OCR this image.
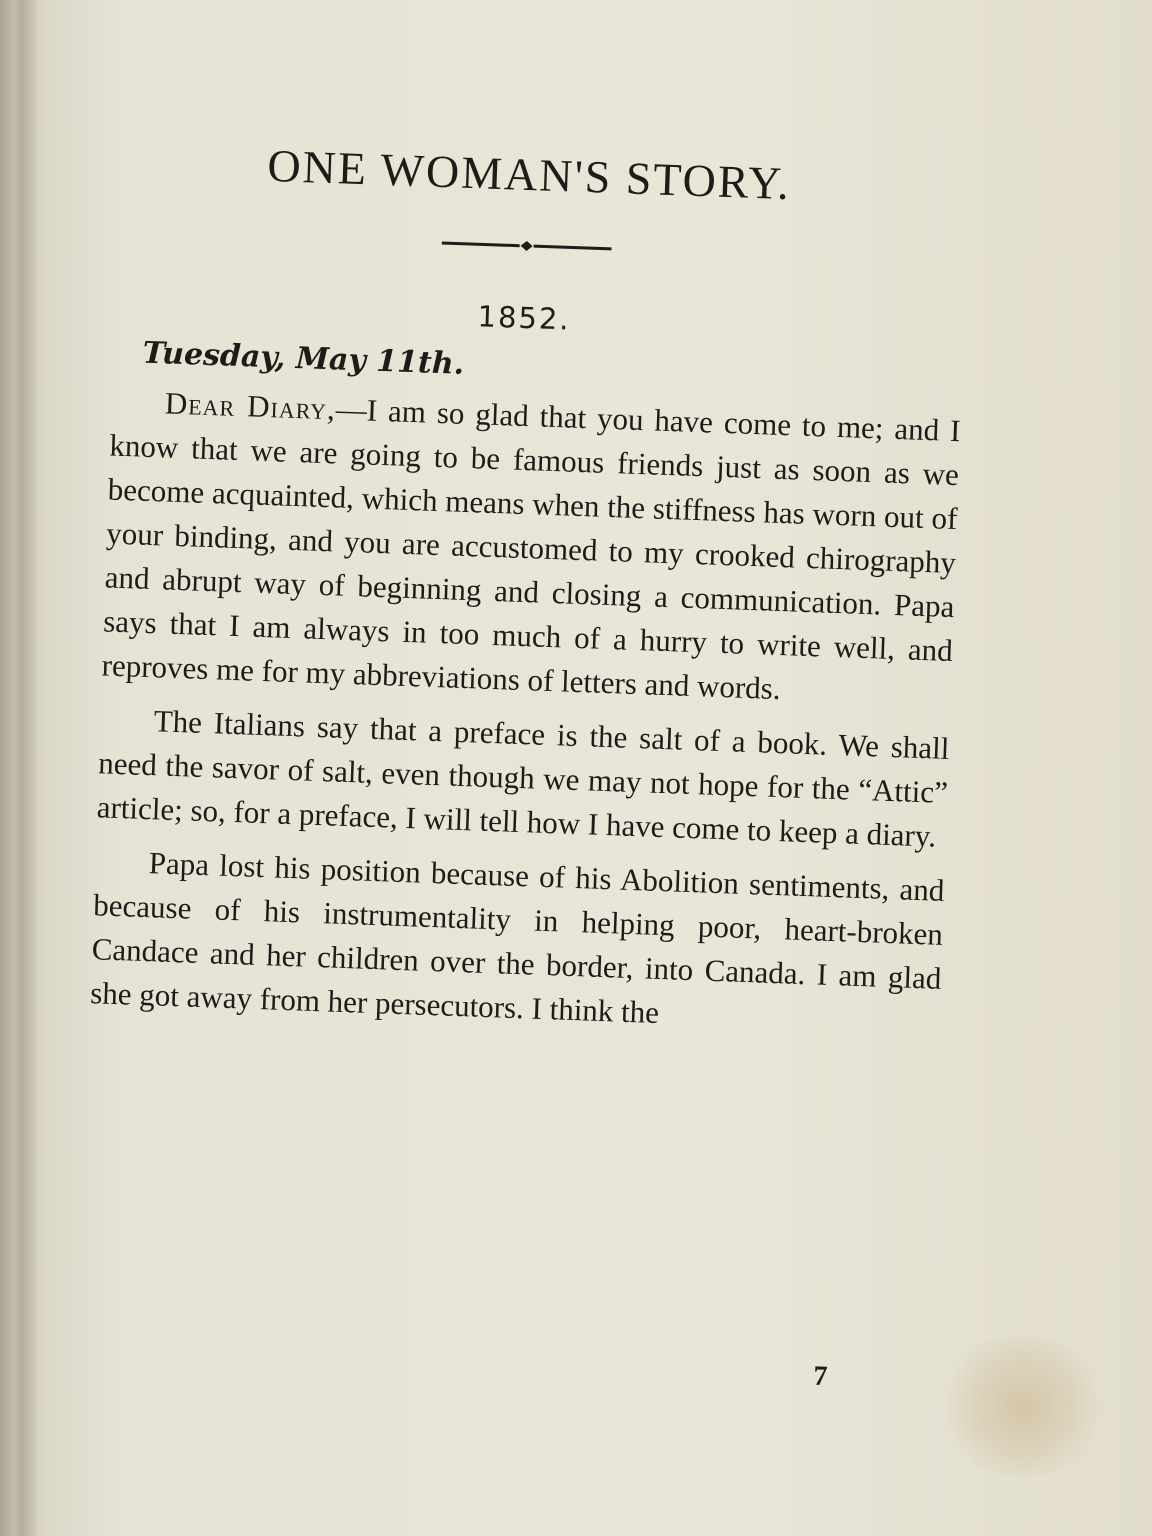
ONE WOMAN'S STORY.
1852.
Tuesday, May 11th.

Dear Diary,—I am so glad that you have come to me; and I know that we are going to be famous friends just as soon as we become acquainted, which means when the stiffness has worn out of your binding, and you are accustomed to my crooked chirography and abrupt way of beginning and closing a communication. Papa says that I am always in too much of a hurry to write well, and reproves me for my abbreviations of letters and words.

The Italians say that a preface is the salt of a book. We shall need the savor of salt, even though we may not hope for the “Attic” article; so, for a preface, I will tell how I have come to keep a diary.

Papa lost his position because of his Abolition sentiments, and because of his instrumentality in helping poor, heart-broken Candace and her children over the border, into Canada. I am glad she got away from her persecutors. I think the

7
